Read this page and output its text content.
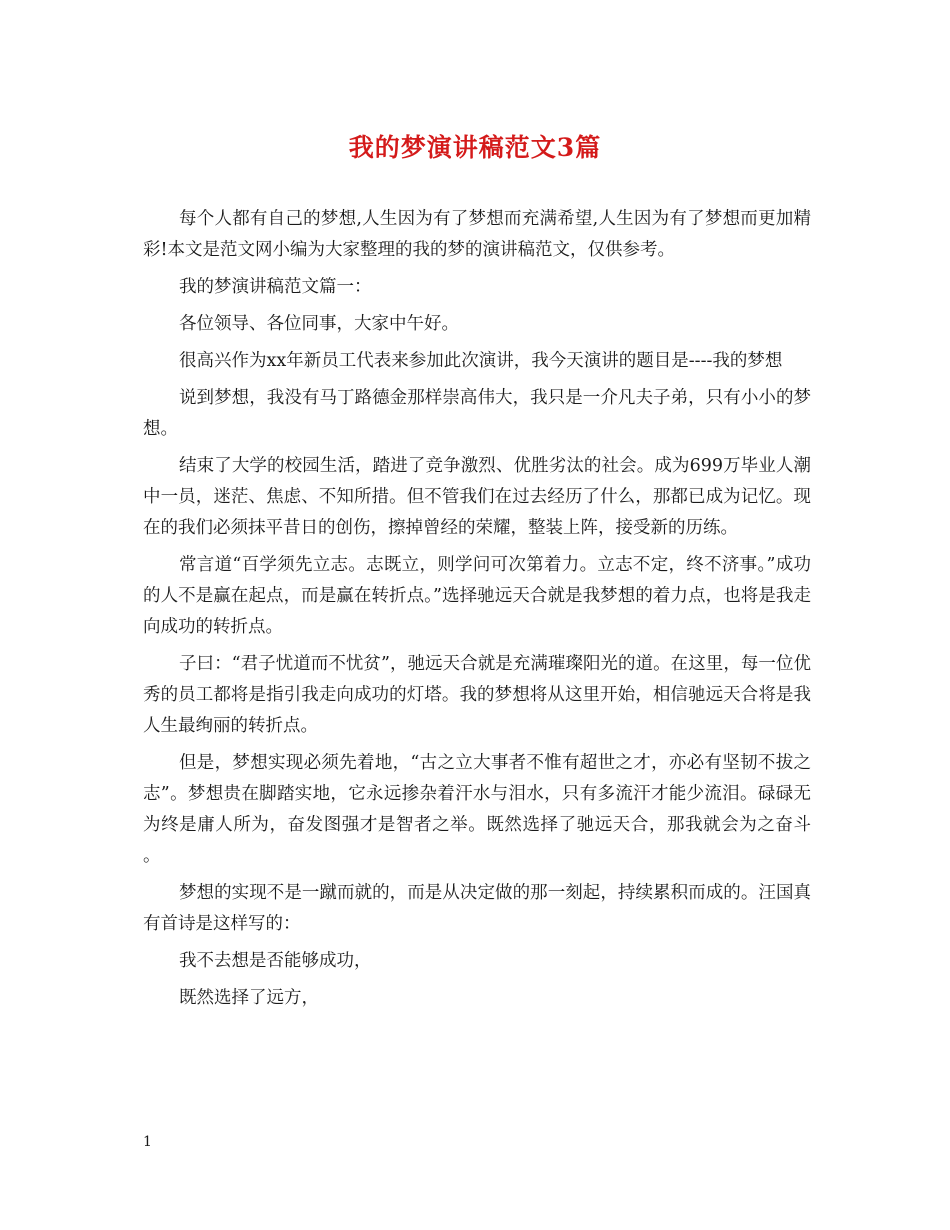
我的梦演讲稿范文3篇

每个人都有自己的梦想,人生因为有了梦想而充满希望,人生因为有了梦想而更加精彩!本文是范文网小编为大家整理的我的梦的演讲稿范文，仅供参考。

我的梦演讲稿范文篇一：

各位领导、各位同事，大家中午好。

很高兴作为xx年新员工代表来参加此次演讲，我今天演讲的题目是----我的梦想

说到梦想，我没有马丁路德金那样崇高伟大，我只是一介凡夫子弟，只有小小的梦想。

结束了大学的校园生活，踏进了竞争激烈、优胜劣汰的社会。成为699万毕业人潮中一员，迷茫、焦虑、不知所措。但不管我们在过去经历了什么，那都已成为记忆。现在的我们必须抹平昔日的创伤，擦掉曾经的荣耀，整装上阵，接受新的历练。

常言道“百学须先立志。志既立，则学问可次第着力。立志不定，终不济事。”成功的人不是赢在起点，而是赢在转折点。”选择驰远天合就是我梦想的着力点，也将是我走向成功的转折点。

子曰：“君子忧道而不忧贫”，驰远天合就是充满璀璨阳光的道。在这里，每一位优秀的员工都将是指引我走向成功的灯塔。我的梦想将从这里开始，相信驰远天合将是我人生最绚丽的转折点。

但是，梦想实现必须先着地，“古之立大事者不惟有超世之才，亦必有坚韧不拔之志”。梦想贵在脚踏实地，它永远掺杂着汗水与泪水，只有多流汗才能少流泪。碌碌无为终是庸人所为，奋发图强才是智者之举。既然选择了驰远天合，那我就会为之奋斗 。

梦想的实现不是一蹴而就的，而是从决定做的那一刻起，持续累积而成的。汪国真有首诗是这样写的：

我不去想是否能够成功，

既然选择了远方，

1
